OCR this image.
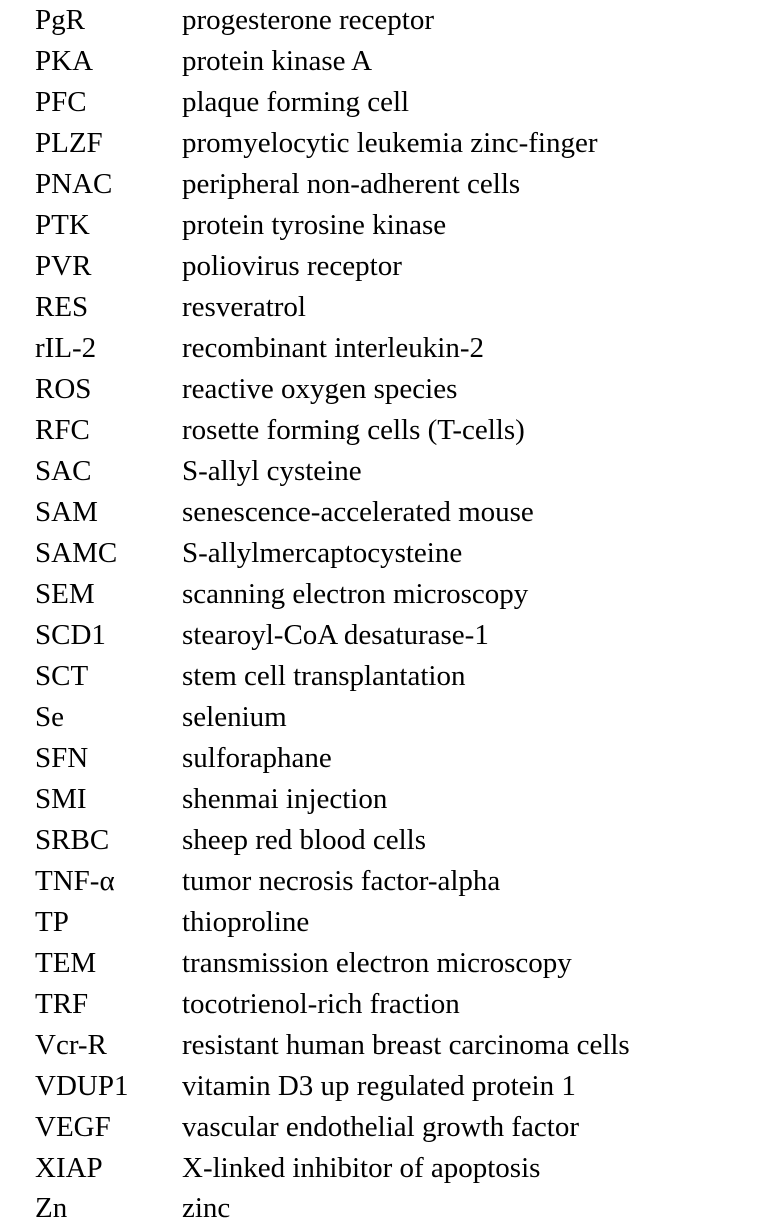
PgR	progesterone receptor
PKA	protein kinase A
PFC	plaque forming cell
PLZF	promyelocytic leukemia zinc-finger
PNAC peripheral non-adherent cells
PTK	protein tyrosine kinase
PVR	poliovirus receptor
RES	resveratrol
rIL-2	recombinant interleukin-2
ROS	reactive oxygen species
RFC	rosette forming cells (T-cells)
SAC	S-allyl cysteine
SAM	senescence-accelerated mouse
SAMC S-allylmercaptocysteine
SEM	scanning electron microscopy
SCD1	stearoyl-CoA desaturase-1
SCT	stem cell transplantation
Se	selenium
SFN	sulforaphane
SMI	shenmai injection
SRBC	sheep red blood cells
TNF-α tumor necrosis factor-alpha
TP	thioproline
TEM	transmission electron microscopy
TRF	tocotrienol-rich fraction
Vcr-R	resistant human breast carcinoma cells
VDUP1 vitamin D3 up regulated protein 1
VEGF vascular endothelial growth factor
XIAP	X-linked inhibitor of apoptosis
Zn	zinc
